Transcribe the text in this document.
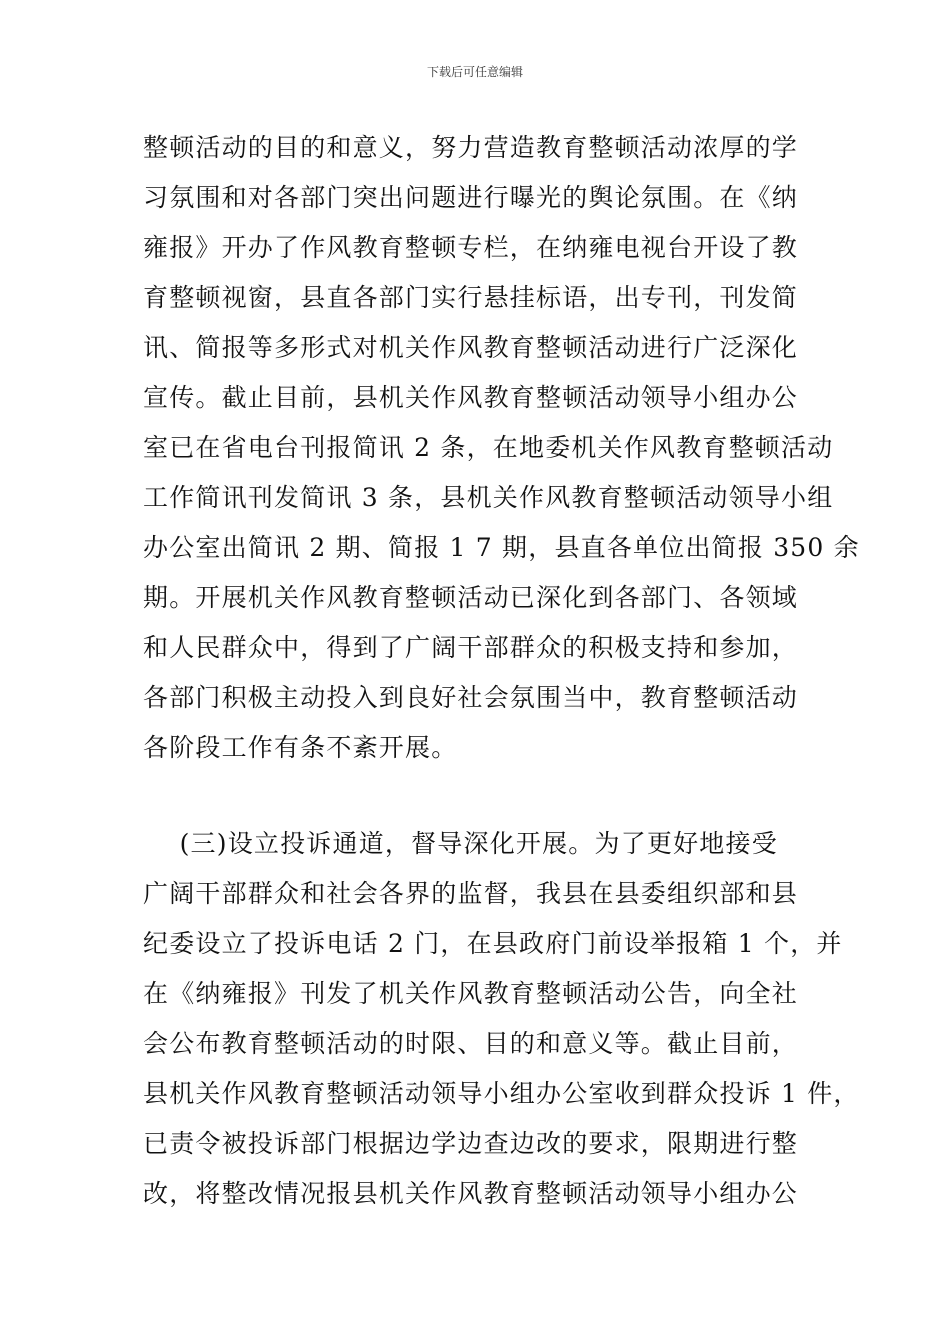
下载后可任意编辑
整顿活动的目的和意义，努力营造教育整顿活动浓厚的学
习氛围和对各部门突出问题进行曝光的舆论氛围。在《纳
雍报》开办了作风教育整顿专栏，在纳雍电视台开设了教
育整顿视窗，县直各部门实行悬挂标语，出专刊，刊发简
讯、简报等多形式对机关作风教育整顿活动进行广泛深化
宣传。截止目前，县机关作风教育整顿活动领导小组办公
室已在省电台刊报简讯 2 条，在地委机关作风教育整顿活动
工作简讯刊发简讯 3 条，县机关作风教育整顿活动领导小组
办公室出简讯 2 期、简报 1 7 期，县直各单位出简报 350 余
期。开展机关作风教育整顿活动已深化到各部门、各领域
和人民群众中，得到了广阔干部群众的积极支持和参加，
各部门积极主动投入到良好社会氛围当中，教育整顿活动
各阶段工作有条不紊开展。
(三)设立投诉通道，督导深化开展。为了更好地接受
广阔干部群众和社会各界的监督，我县在县委组织部和县
纪委设立了投诉电话 2 门，在县政府门前设举报箱 1 个，并
在《纳雍报》刊发了机关作风教育整顿活动公告，向全社
会公布教育整顿活动的时限、目的和意义等。截止目前，
县机关作风教育整顿活动领导小组办公室收到群众投诉 1 件，
已责令被投诉部门根据边学边查边改的要求，限期进行整
改，将整改情况报县机关作风教育整顿活动领导小组办公
